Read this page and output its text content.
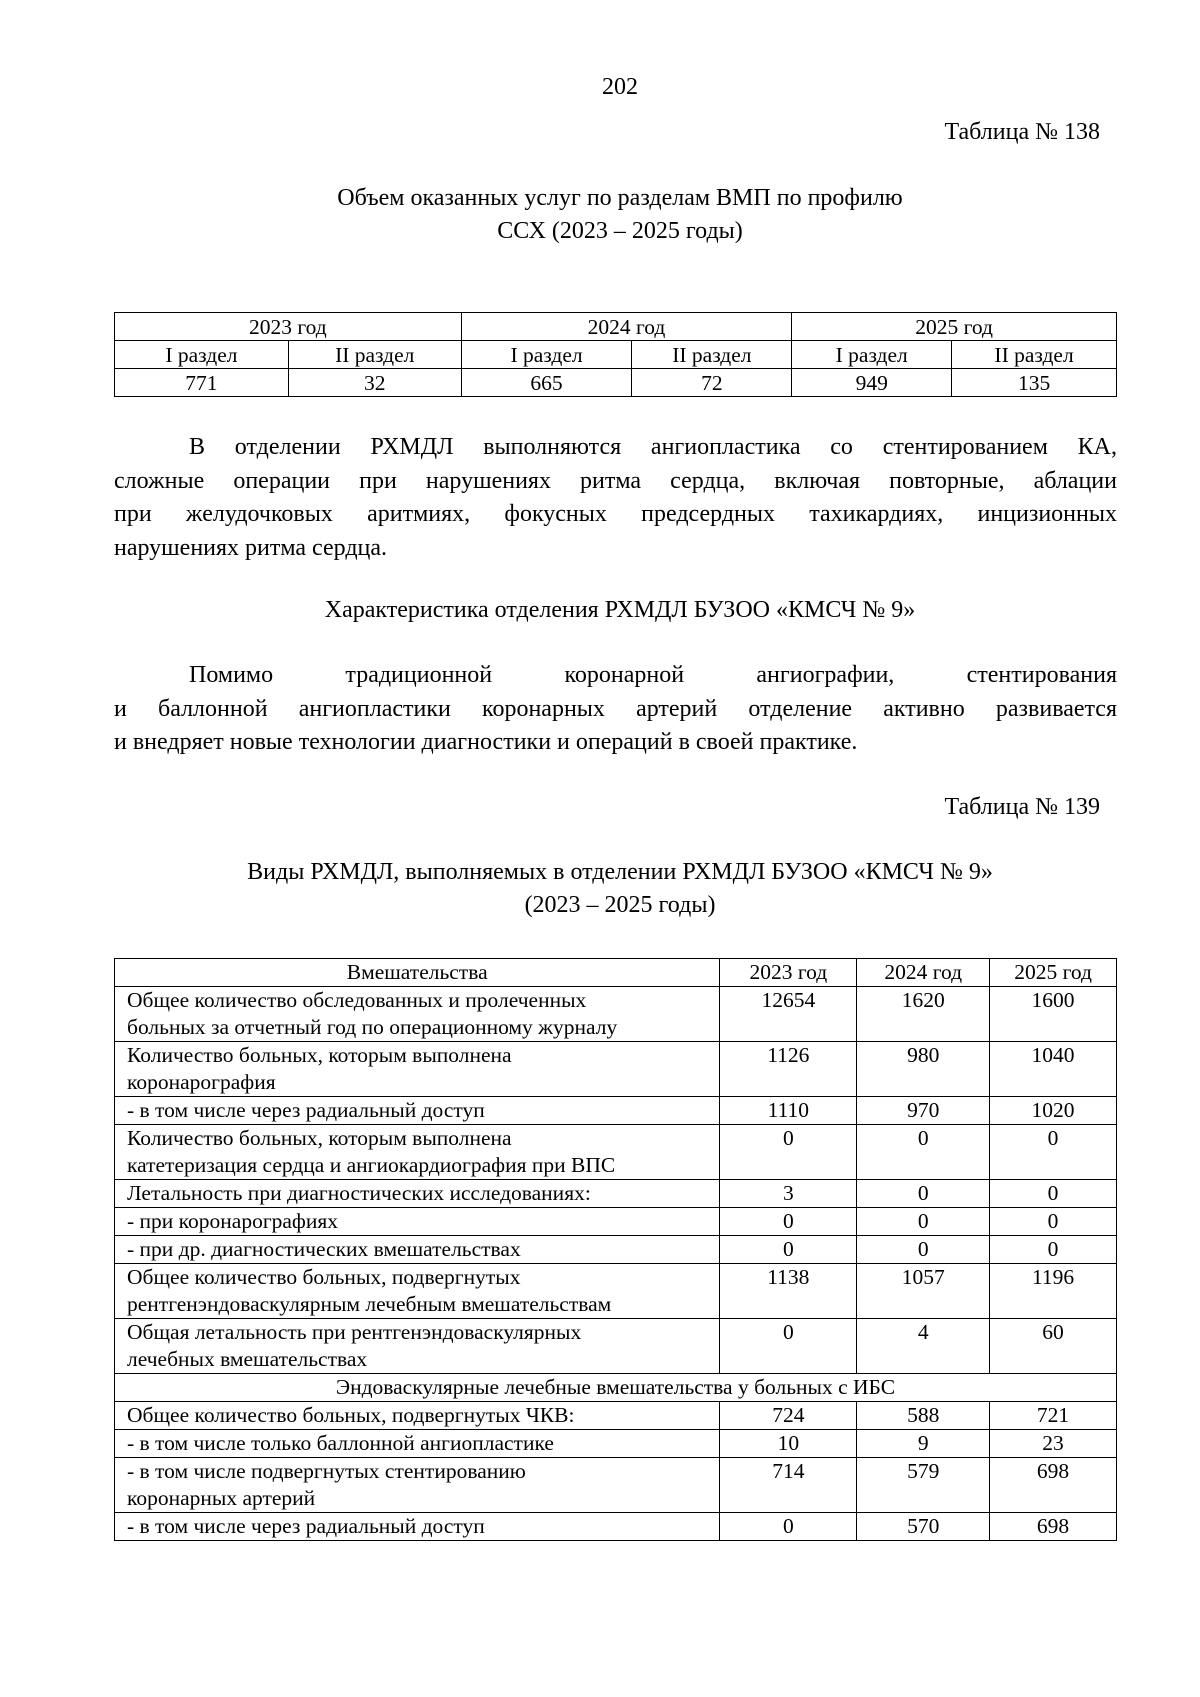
202
Таблица № 138
Объем оказанных услуг по разделам ВМП по профилю
ССХ (2023 – 2025 годы)
2023 год		2024 год		2025 год	
I раздел	II раздел	I раздел	II раздел	I раздел	II раздел
771	32	665	72	949	135
В отделении РХМДЛ выполняются ангиопластика со стентированием КА,
сложные операции при нарушениях ритма сердца, включая повторные, аблации
при желудочковых аритмиях, фокусных предсердных тахикардиях, инцизионных
нарушениях ритма сердца.
Характеристика отделения РХМДЛ БУЗОО «КМСЧ № 9»
Помимо традиционной коронарной ангиографии, стентирования
и баллонной ангиопластики коронарных артерий отделение активно развивается
и внедряет новые технологии диагностики и операций в своей практике.
Таблица № 139
Виды РХМДЛ, выполняемых в отделении РХМДЛ БУЗОО «КМСЧ № 9»
(2023 – 2025 годы)
Вмешательства	2023 год	2024 год	2025 год

Общее количество обследованных и пролеченных
больных за отчетный год по операционному журналу	12654	1620	1600

Количество больных, которым выполнена
коронарография	1126	980	1040

- в том числе через радиальный доступ	1110	970	1020

Количество больных, которым выполнена
катетеризация сердца и ангиокардиография при ВПС	0	0	0

Летальность при диагностических исследованиях:	3	0	0

- при коронарографиях	0	0	0

- при др. диагностических вмешательствах	0	0	0

Общее количество больных, подвергнутых
рентгенэндоваскулярным лечебным вмешательствам	1138	1057	1196

Общая летальность при рентгенэндоваскулярных
лечебных вмешательствах	0	4	60
Эндоваскулярные лечебные вмешательства у больных с ИБС			

Общее количество больных, подвергнутых ЧКВ:	724	588	721

- в том числе только баллонной ангиопластике	10	9	23

- в том числе подвергнутых стентированию
коронарных артерий	714	579	698

- в том числе через радиальный доступ	0	570	698
